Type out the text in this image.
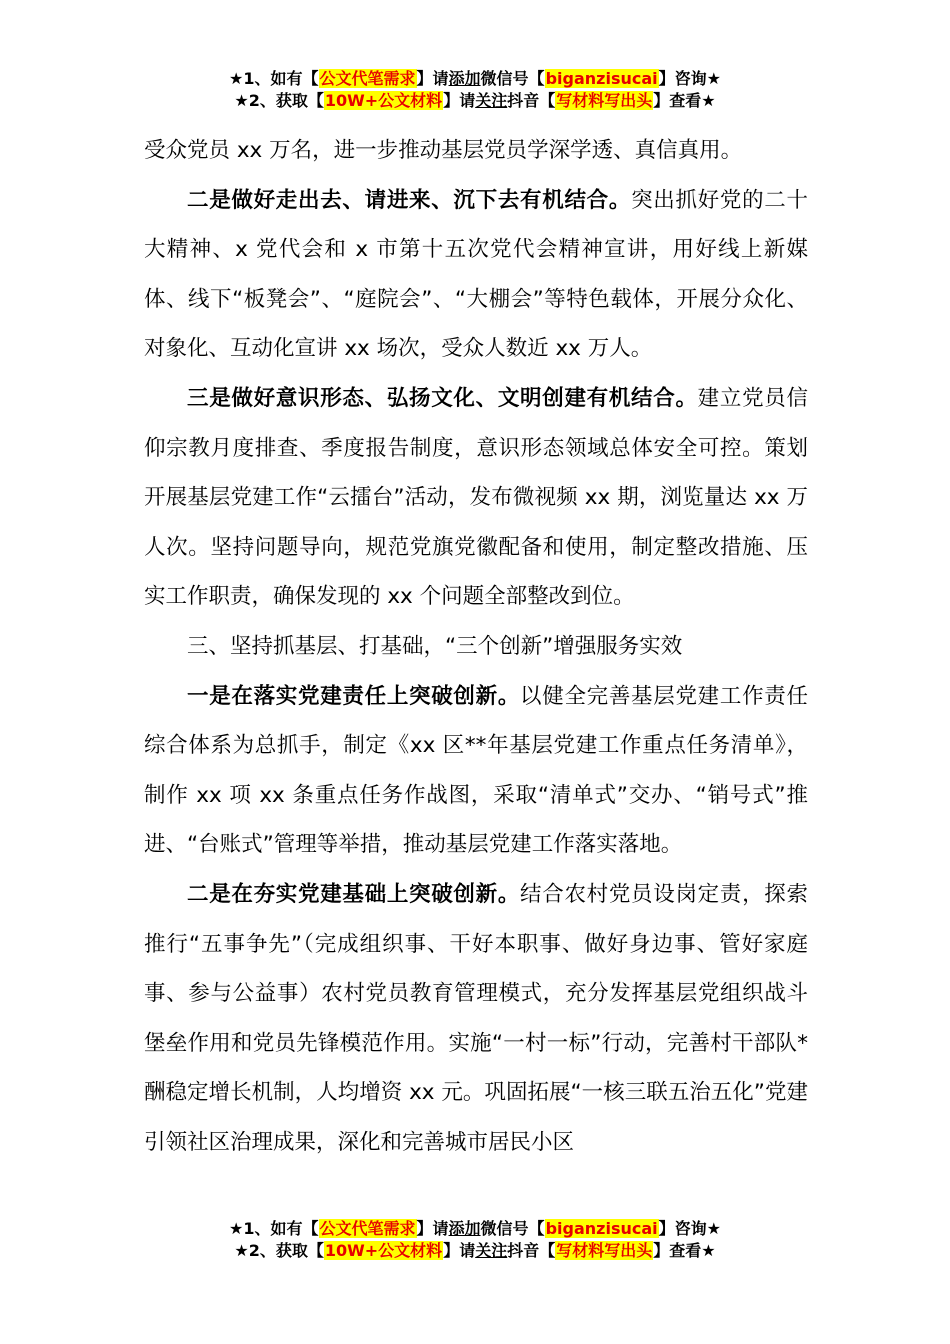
★1、如有【公文代笔需求】请添加微信号【biganzisucai】咨询★
★2、获取【10W+公文材料】请关注抖音【写材料写出头】查看★

受众党员 xx 万名，进一步推动基层党员学深学透、真信真用。

二是做好走出去、请进来、沉下去有机结合。突出抓好党的二十大精神、x 党代会和 x 市第十五次党代会精神宣讲，用好线上新媒体、线下“板凳会”、“庭院会”、“大棚会”等特色载体，开展分众化、对象化、互动化宣讲 xx 场次，受众人数近 xx 万人。

三是做好意识形态、弘扬文化、文明创建有机结合。建立党员信仰宗教月度排查、季度报告制度，意识形态领域总体安全可控。策划开展基层党建工作“云擂台”活动，发布微视频 xx 期，浏览量达 xx 万人次。坚持问题导向，规范党旗党徽配备和使用，制定整改措施、压实工作职责，确保发现的 xx 个问题全部整改到位。

三、坚持抓基层、打基础，“三个创新”增强服务实效

一是在落实党建责任上突破创新。以健全完善基层党建工作责任综合体系为总抓手，制定《xx 区**年基层党建工作重点任务清单》，制作 xx 项 xx 条重点任务作战图，采取“清单式”交办、“销号式”推进、“台账式”管理等举措，推动基层党建工作落实落地。

二是在夯实党建基础上突破创新。结合农村党员设岗定责，探索推行“五事争先”（完成组织事、干好本职事、做好身边事、管好家庭事、参与公益事）农村党员教育管理模式，充分发挥基层党组织战斗堡垒作用和党员先锋模范作用。实施“一村一标”行动，完善村干部队*酬稳定增长机制，人均增资 xx 元。巩固拓展“一核三联五治五化”党建引领社区治理成果，深化和完善城市居民小区

★1、如有【公文代笔需求】请添加微信号【biganzisucai】咨询★
★2、获取【10W+公文材料】请关注抖音【写材料写出头】查看★
